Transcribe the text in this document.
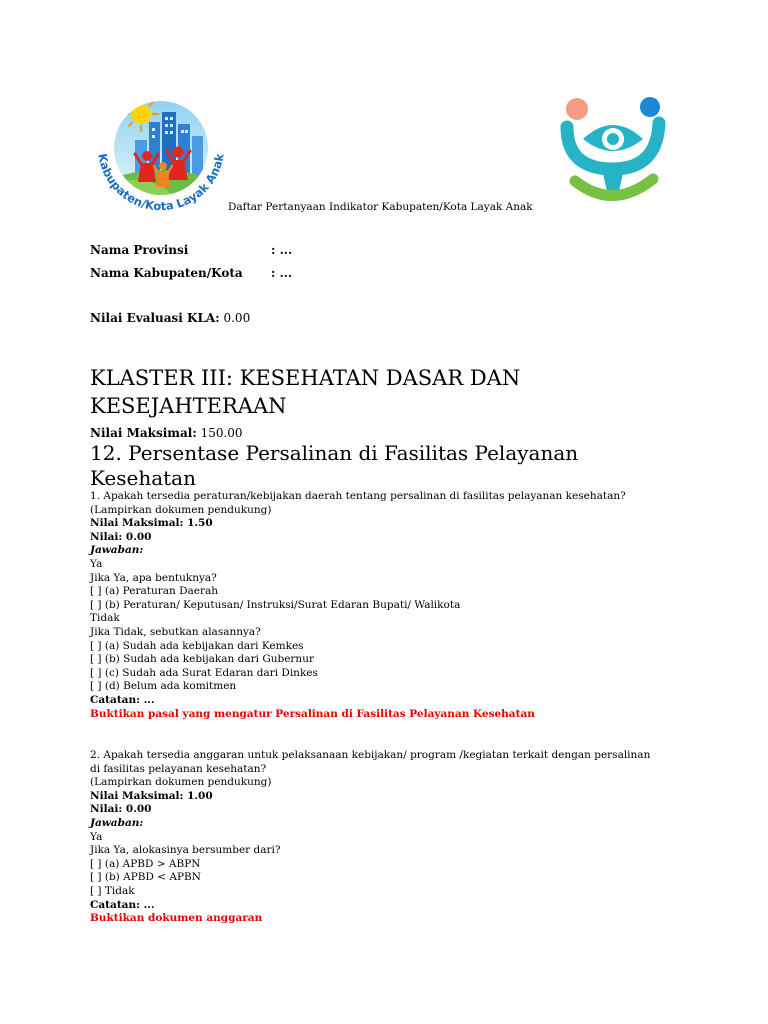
Kabupaten/Kota Layak Anak
Daftar Pertanyaan Indikator Kabupaten/Kota Layak Anak
Nama Provinsi	: ...
Nama Kabupaten/Kota : ...
Nilai Evaluasi KLA: 0.00
KLASTER III: KESEHATAN DASAR DAN
KESEJAHTERAAN
Nilai Maksimal: 150.00
12. Persentase Persalinan di Fasilitas Pelayanan
Kesehatan
1. Apakah tersedia peraturan/kebijakan daerah tentang persalinan di fasilitas pelayanan kesehatan?
(Lampirkan dokumen pendukung)
Nilai Maksimal: 1.50
Nilai: 0.00
Jawaban:
Ya
Jika Ya, apa bentuknya?
[ ] (a) Peraturan Daerah
[ ] (b) Peraturan/ Keputusan/ Instruksi/Surat Edaran Bupati/ Walikota
Tidak
Jika Tidak, sebutkan alasannya?
[ ] (a) Sudah ada kebijakan dari Kemkes
[ ] (b) Sudah ada kebijakan dari Gubernur
[ ] (c) Sudah ada Surat Edaran dari Dinkes
[ ] (d) Belum ada komitmen
Catatan: ...
Buktikan pasal yang mengatur Persalinan di Fasilitas Pelayanan Kesehatan
2. Apakah tersedia anggaran untuk pelaksanaan kebijakan/ program /kegiatan terkait dengan persalinan
di fasilitas pelayanan kesehatan?
(Lampirkan dokumen pendukung)
Nilai Maksimal: 1.00
Nilai: 0.00
Jawaban:
Ya
Jika Ya, alokasinya bersumber dari?
[ ] (a) APBD > ABPN
[ ] (b) APBD < APBN
[ ] Tidak
Catatan: ...
Buktikan dokumen anggaran
